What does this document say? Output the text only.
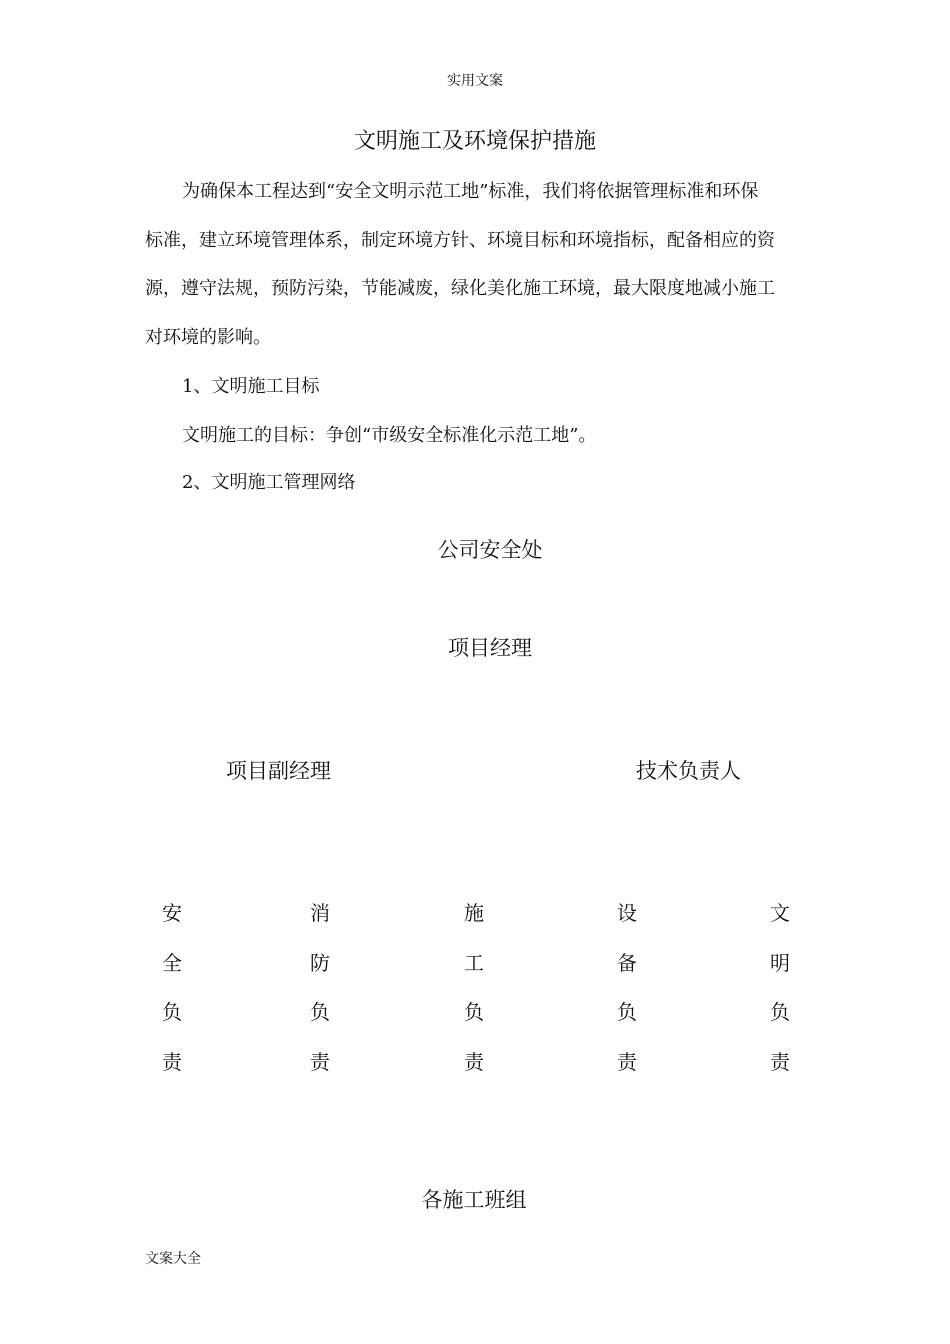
实用文案
文明施工及环境保护措施
为确保本工程达到“安全文明示范工地”标准，我们将依据管理标准和环保
标准，建立环境管理体系，制定环境方针、环境目标和环境指标，配备相应的资
源，遵守法规，预防污染，节能减废，绿化美化施工环境，最大限度地减小施工
对环境的影响。
1、文明施工目标
文明施工的目标：争创“市级安全标准化示范工地”。
2、文明施工管理网络
公司安全处
项目经理
项目副经理	技术负责人
安
全
负
责
消
防
负
责
施
工
负
责
设
备
负
责
文
明
负
责
各施工班组
文案大全
